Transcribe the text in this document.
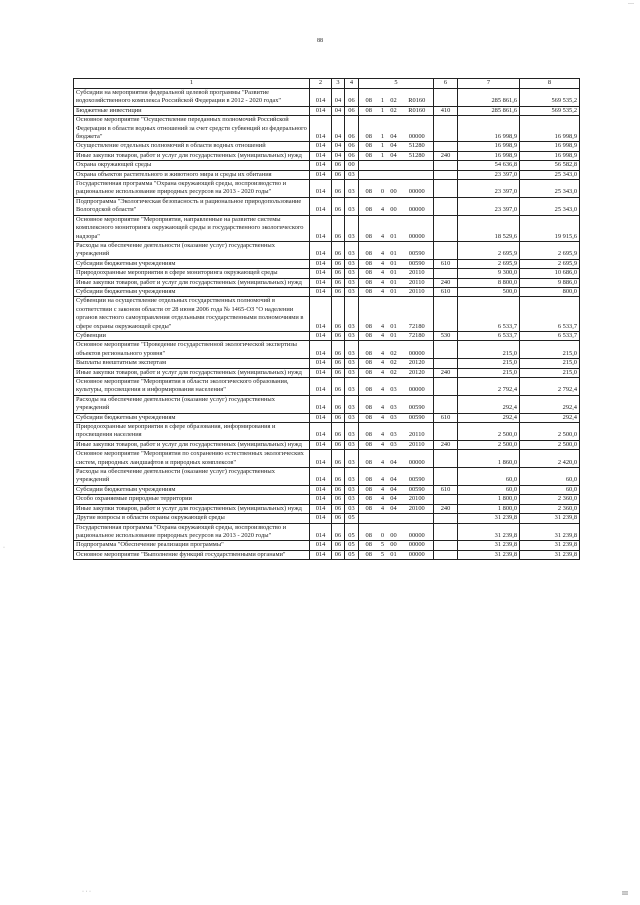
…
88
·
1	2	3	4	5				6	7	8
Субсидии на мероприятия федеральной целевой программы "Развитие водохозяйственного комплекса Российской Федерации в 2012 - 2020 годах"	014	04	06	08	1	02	R0160		285 861,6	569 535,2
Бюджетные инвестиции	014	04	06	08	1	02	R0160	410	285 861,6	569 535,2
Основное мероприятие "Осуществление переданных полномочий Российской Федерации в области водных отношений за счет средств субвенций из федерального бюджета"	014	04	06	08	1	04	00000		16 998,9	16 998,9
Осуществление отдельных полномочий в области водных отношений	014	04	06	08	1	04	51280		16 998,9	16 998,9
Иные закупки товаров, работ и услуг для государственных (муниципальных) нужд	014	04	06	08	1	04	51280	240	16 998,9	16 998,9
Охрана окружающей среды	014	06	00						54 636,8	56 582,8
Охрана объектов растительного и животного мира и среды их обитания	014	06	03						23 397,0	25 343,0
Государственная программа "Охрана окружающей среды, воспроизводство и рациональное использование природных ресурсов на 2013 - 2020 годы"	014	06	03	08	0	00	00000		23 397,0	25 343,0
Подпрограмма "Экологическая безопасность и рациональное природопользование Вологодской области"	014	06	03	08	4	00	00000		23 397,0	25 343,0
Основное мероприятие "Мероприятия, направленные на развитие системы комплексного мониторинга окружающей среды и государственного экологического надзора"	014	06	03	08	4	01	00000		18 529,6	19 915,6
Расходы на обеспечение деятельности (оказание услуг) государственных учреждений	014	06	03	08	4	01	00590		2 695,9	2 695,9
Субсидии бюджетным учреждениям	014	06	03	08	4	01	00590	610	2 695,9	2 695,9
Природоохранные мероприятия в сфере мониторинга окружающей среды	014	06	03	08	4	01	20110		9 300,0	10 686,0
Иные закупки товаров, работ и услуг для государственных (муниципальных) нужд	014	06	03	08	4	01	20110	240	8 800,0	9 886,0
Субсидии бюджетным учреждениям	014	06	03	08	4	01	20110	610	500,0	800,0
Субвенции на осуществление отдельных государственных полномочий в соответствии с законом области от 28 июня 2006 года № 1465-ОЗ "О наделении органов местного самоуправления отдельными государственными полномочиями в сфере охраны окружающей среды"	014	06	03	08	4	01	72180		6 533,7	6 533,7
Субвенции	014	06	03	08	4	01	72180	530	6 533,7	6 533,7
Основное мероприятие "Проведение государственной экологической экспертизы объектов регионального уровня"	014	06	03	08	4	02	00000		215,0	215,0
Выплаты внештатным экспертам	014	06	03	08	4	02	20120		215,0	215,0
Иные закупки товаров, работ и услуг для государственных (муниципальных) нужд	014	06	03	08	4	02	20120	240	215,0	215,0
Основное мероприятие "Мероприятия в области экологического образования, культуры, просвещения и информирования населения"	014	06	03	08	4	03	00000		2 792,4	2 792,4
Расходы на обеспечение деятельности (оказание услуг) государственных учреждений	014	06	03	08	4	03	00590		292,4	292,4
Субсидии бюджетным учреждениям	014	06	03	08	4	03	00590	610	292,4	292,4
Природоохранные мероприятия в сфере образования, информирования и просвещения населения	014	06	03	08	4	03	20110		2 500,0	2 500,0
Иные закупки товаров, работ и услуг для государственных (муниципальных) нужд	014	06	03	08	4	03	20110	240	2 500,0	2 500,0
Основное мероприятие "Мероприятия по сохранению естественных экологических систем, природных ландшафтов и природных комплексов"	014	06	03	08	4	04	00000		1 860,0	2 420,0
Расходы на обеспечение деятельности (оказание услуг) государственных учреждений	014	06	03	08	4	04	00590		60,0	60,0
Субсидии бюджетным учреждениям	014	06	03	08	4	04	00590	610	60,0	60,0
Особо охраняемые природные территории	014	06	03	08	4	04	20100		1 800,0	2 360,0
Иные закупки товаров, работ и услуг для государственных (муниципальных) нужд	014	06	03	08	4	04	20100	240	1 800,0	2 360,0
Другие вопросы в области охраны окружающей среды	014	06	05						31 239,8	31 239,8
Государственная программа "Охрана окружающей среды, воспроизводство и рациональное использование природных ресурсов на 2013 - 2020 годы"	014	06	05	08	0	00	00000		31 239,8	31 239,8
Подпрограмма "Обеспечение реализации программы"	014	06	05	08	5	00	00000		31 239,8	31 239,8
Основное мероприятие "Выполнение функций государственными органами"	014	06	05	08	5	01	00000		31 239,8	31 239,8
· · ·	III
